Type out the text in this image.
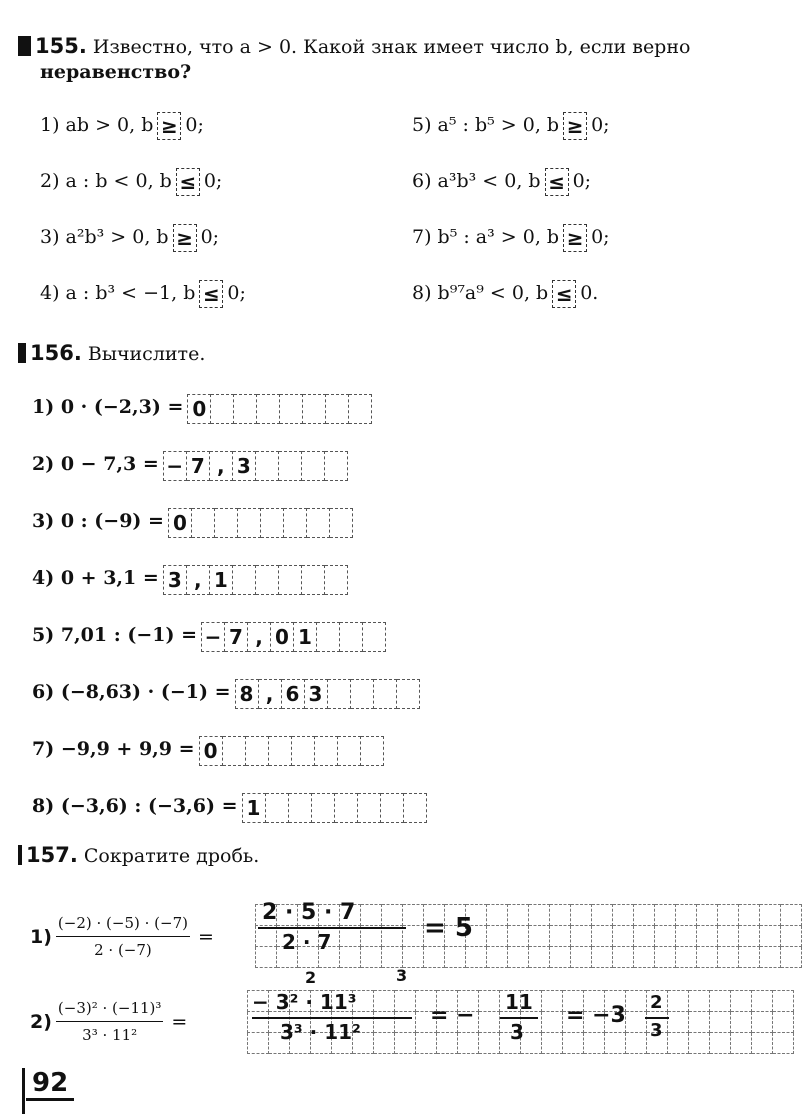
155. Известно, что a > 0. Какой знак имеет число b, если верно
неравенство?
1) ab > 0, b ≥ 0;
2) a : b < 0, b ≤ 0;
3) a²b³ > 0, b ≥ 0;
4) a : b³ < −1, b ≤ 0;
5) a⁵ : b⁵ > 0, b ≥ 0;
6) a³b³ < 0, b ≤ 0;
7) b⁵ : a³ > 0, b ≥ 0;
8) b⁹⁷a⁹ < 0, b ≤ 0.
156. Вычислите.
1) 0 · (−2,3) = 0
2) 0 − 7,3 = − 7 , 3
3) 0 : (−9) = 0
4) 0 + 3,1 = 3 , 1
5) 7,01 : (−1) = − 7 , 0 1
6) (−8,63) · (−1) = 8 , 6 3
7) −9,9 + 9,9 = 0
8) (−3,6) : (−3,6) = 1
157. Сократите дробь.
$1) \frac{(-2) \cdot (-5) \cdot (-7)}{2 \cdot (-7)}$ =

2 · 5 · 7
2 · 7	= 5
$2) \frac{\text{(−3)² · (−11)³}}{\text{3³ · 11²}}$ =

2	3
− 3² · 11³
3³ · 11²
= −
11
3
= −3
2
3
92
